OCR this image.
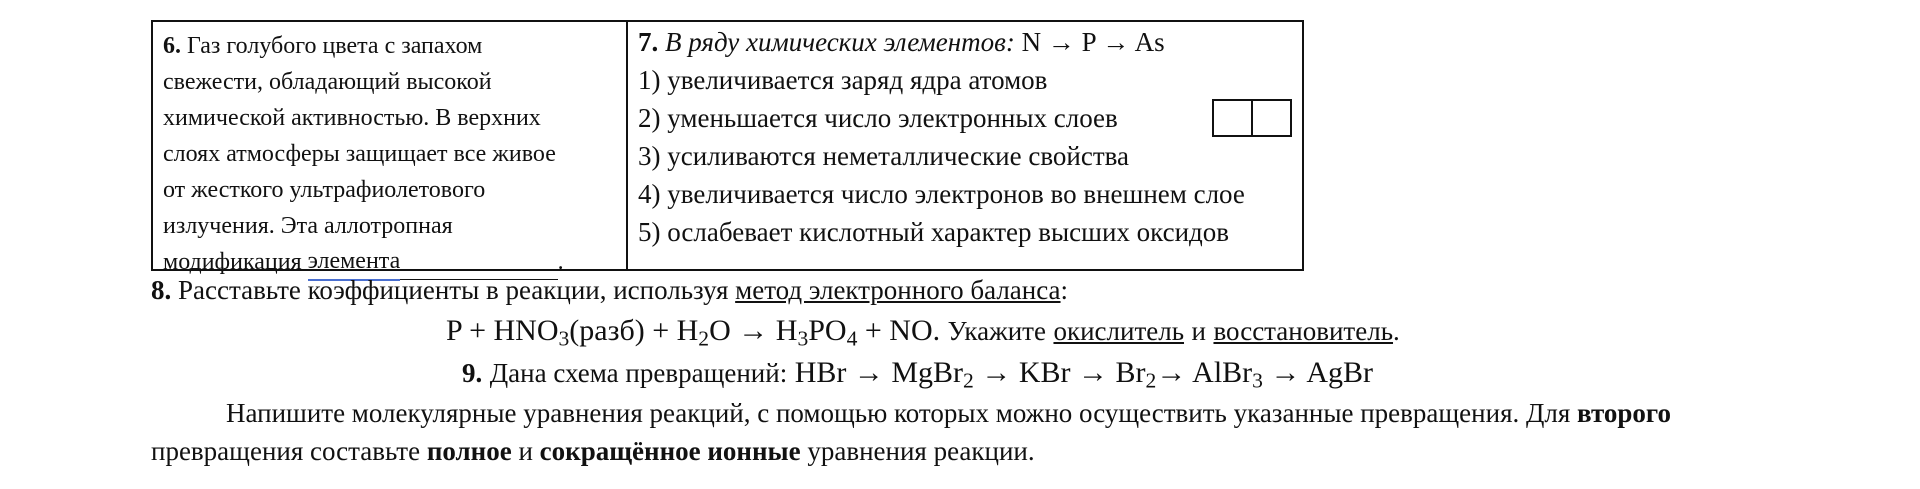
6. Газ голубого цвета с запахом
свежести, обладающий высокой
химической активностью. В верхних
слоях атмосферы защищает все живое
от жесткого ультрафиолетового
излучения. Эта аллотропная
модификация элемента	.
7. В ряду химических элементов: N → P → As
1) увеличивается заряд ядра атомов
2) уменьшается число электронных слоев
3) усиливаются неметаллические свойства
4) увеличивается число электронов во внешнем слое
5) ослабевает кислотный характер высших оксидов
8. Расставьте коэффициенты в реакции, используя метод электронного баланса:
$P + HNO_3(разб) + H_2O \to H_3PO_4$ + NO. Укажите окислитель и восстановитель.
9. Дана схема превращений: HBr → MgBr$_2$ → KBr → $Br_2\to$ AlBr$_3$ → AgBr
Напишите молекулярные уравнения реакций, с помощью которых можно осуществить указанные превращения. Для второго
превращения составьте полное и сокращённое ионные уравнения реакции.
